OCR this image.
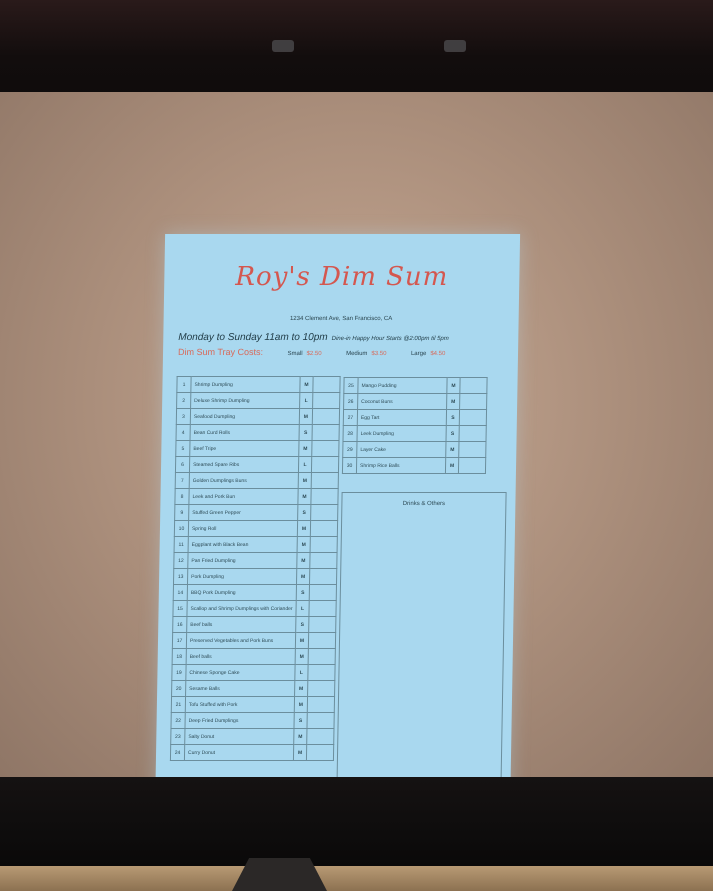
Roy's Dim Sum
1234 Clement Ave, San Francisco, CA
Monday to Sunday 11am to 10pm Dine-in Happy Hour Starts @2:00pm til 5pm
Dim Sum Tray Costs:	Small $2.50	Medium $3.50	Large $4.50
1	Shrimp Dumpling	M	
2	Deluxe Shrimp Dumpling	L	
3	Seafood Dumpling	M	
4	Bean Curd Rolls	S	
5	Beef Tripe	M	
6	Steamed Spare Ribs	L	
7	Golden Dumplings Buns	M	
8	Leek and Pork Bun	M	
9	Stuffed Green Pepper	S	
10	Spring Roll	M	
11	Eggplant with Black Bean	M	
12	Pan Fried Dumpling	M	
13	Pork Dumpling	M	
14	BBQ Pork Dumpling	S	
15	Scallop and Shrimp Dumplings with Coriander	L	
16	Beef balls	S	
17	Preserved Vegetables and Pork Buns	M	
18	Beef balls	M	
19	Chinese Sponge Cake	L	
20	Sesame Balls	M	
21	Tofu Stuffed with Pork	M	
22	Deep Fried Dumplings	S	
23	Salty Donut	M	
24	Curry Donut	M	
25	Mango Pudding	M	
26	Coconut Buns	M	
27	Egg Tart	S	
28	Leek Dumpling	S	
29	Layer Cake	M	
30	Shrimp Rice Balls	M	
Drinks & Others
